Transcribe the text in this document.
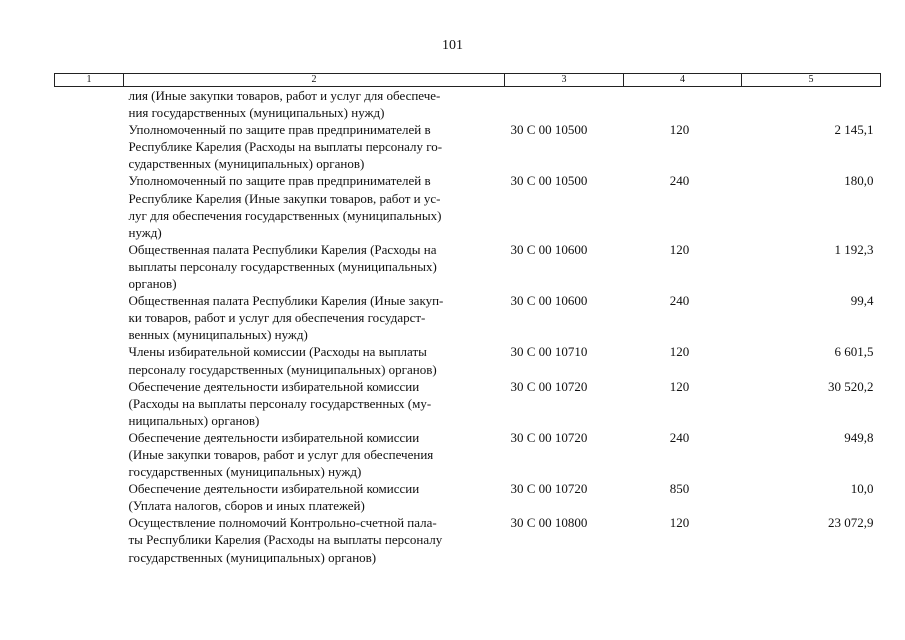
101
1	2	3	4	5

	лия (Иные закупки товаров, работ и услуг для обеспече-
ния государственных (муниципальных) нужд)			

	Уполномоченный по защите прав предпринимателей в
Республике Карелия (Расходы на выплаты персоналу го-
сударственных (муниципальных) органов)	30 С 00 10500	120	2 145,1

	Уполномоченный по защите прав предпринимателей в
Республике Карелия (Иные закупки товаров, работ и ус-
луг для обеспечения государственных (муниципальных)
нужд)	30 С 00 10500	240	180,0

	Общественная палата Республики Карелия (Расходы на
выплаты персоналу государственных (муниципальных)
органов)	30 С 00 10600	120	1 192,3

	Общественная палата Республики Карелия (Иные закуп-
ки товаров, работ и услуг для обеспечения государст-
венных (муниципальных) нужд)	30 С 00 10600	240	99,4

	Члены избирательной комиссии (Расходы на выплаты
персоналу государственных (муниципальных) органов)	30 С 00 10710	120	6 601,5

	Обеспечение деятельности избирательной комиссии
(Расходы на выплаты персоналу государственных (му-
ниципальных) органов)	30 С 00 10720	120	30 520,2

	Обеспечение деятельности избирательной комиссии
(Иные закупки товаров, работ и услуг для обеспечения
государственных (муниципальных) нужд)	30 С 00 10720	240	949,8

	Обеспечение деятельности избирательной комиссии
(Уплата налогов, сборов и иных платежей)	30 С 00 10720	850	10,0

	Осуществление полномочий Контрольно-счетной пала-
ты Республики Карелия (Расходы на выплаты персоналу
государственных (муниципальных) органов)	30 С 00 10800	120	23 072,9
